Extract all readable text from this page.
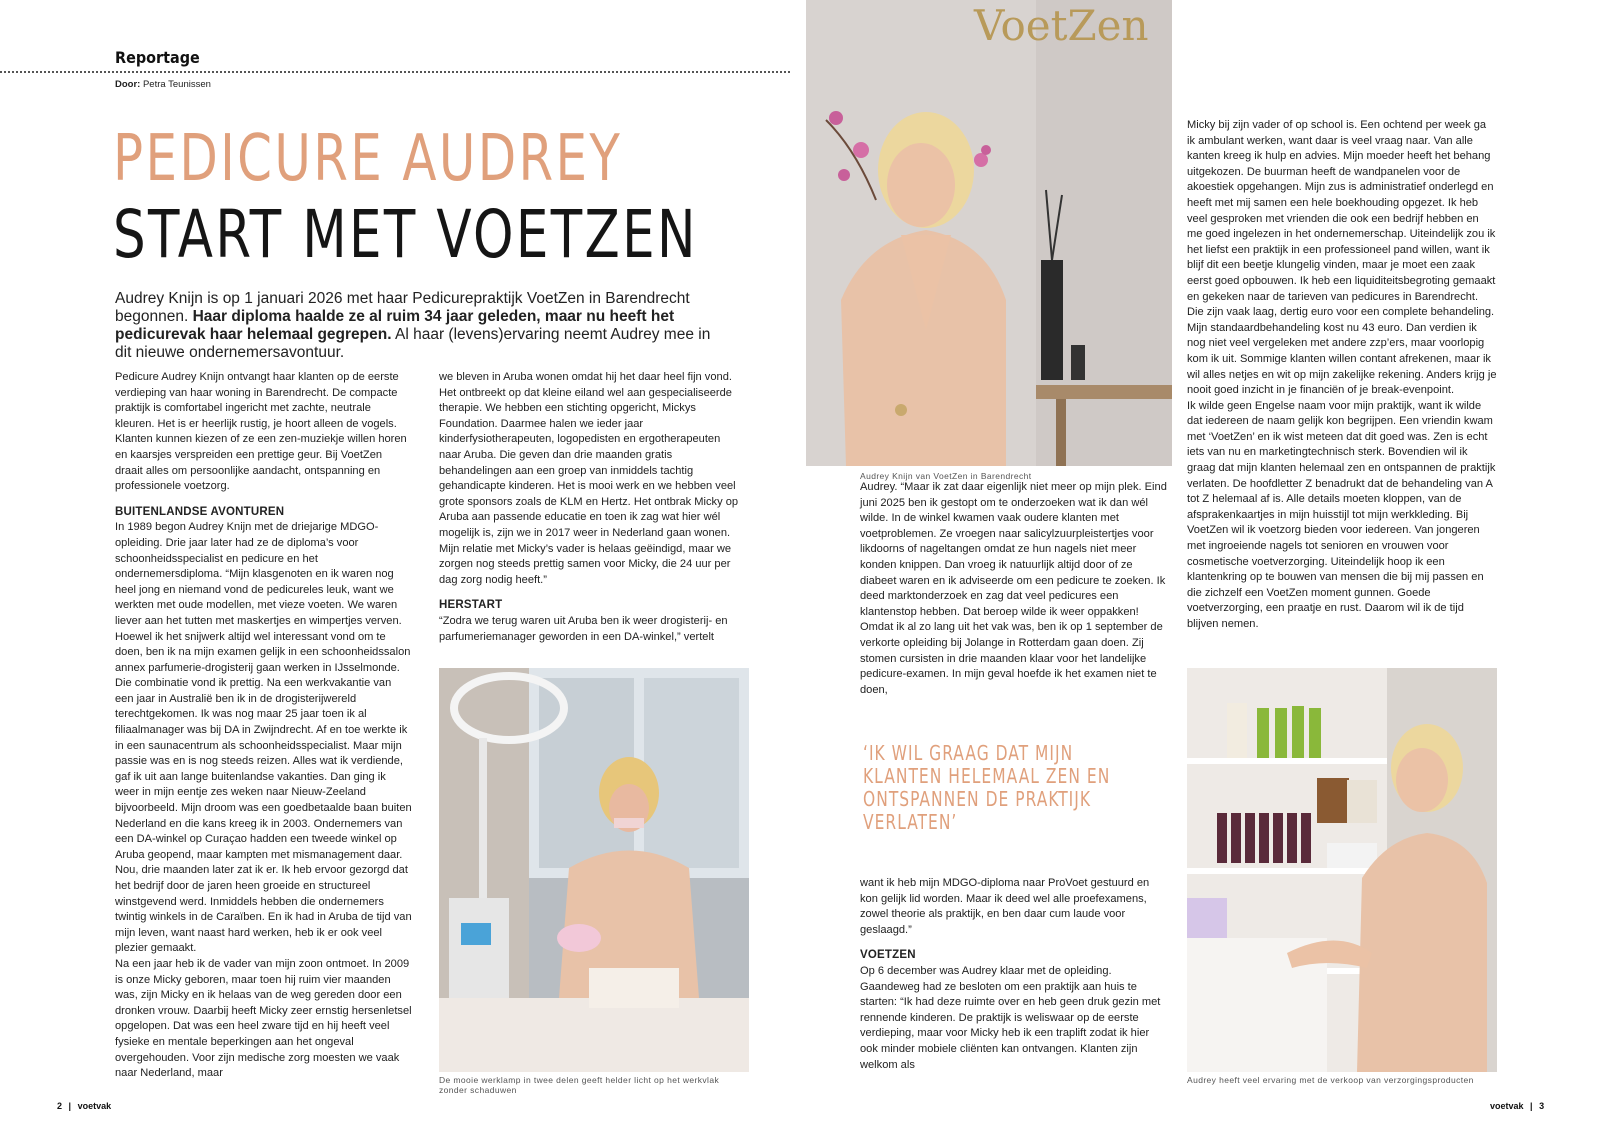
Reportage
Door: Petra Teunissen
PEDICURE AUDREY
START MET VOETZEN
Audrey Knijn is op 1 januari 2026 met haar Pedicurepraktijk VoetZen in Barendrecht begonnen. Haar diploma haalde ze al ruim 34 jaar geleden, maar nu heeft het pedicurevak haar helemaal gegrepen. Al haar (levens)ervaring neemt Audrey mee in dit nieuwe ondernemersavontuur.

Pedicure Audrey Knijn ontvangt haar klanten op de eerste verdieping van haar woning in Barendrecht. De compacte praktijk is comfortabel ingericht met zachte, neutrale kleuren. Het is er heerlijk rustig, je hoort alleen de vogels. Klanten kunnen kiezen of ze een zen-muziekje willen horen en kaarsjes verspreiden een prettige geur. Bij VoetZen draait alles om persoonlijke aandacht, ontspanning en professionele voetzorg.

BUITENLANDSE AVONTUREN

In 1989 begon Audrey Knijn met de driejarige MDGO-opleiding. Drie jaar later had ze de diploma’s voor schoonheidsspecialist en pedicure en het ondernemersdiploma. “Mijn klasgenoten en ik waren nog heel jong en niemand vond de pedicureles leuk, want we werkten met oude modellen, met vieze voeten. We waren liever aan het tutten met maskertjes en wimpertjes verven. Hoewel ik het snijwerk altijd wel interessant vond om te doen, ben ik na mijn examen gelijk in een schoonheidssalon annex parfumerie-drogisterij gaan werken in IJsselmonde. Die combinatie vond ik prettig. Na een werkvakantie van een jaar in Australië ben ik in de drogisterijwereld terechtgekomen. Ik was nog maar 25 jaar toen ik al filiaalmanager was bij DA in Zwijndrecht. Af en toe werkte ik in een saunacentrum als schoonheidsspecialist. Maar mijn passie was en is nog steeds reizen. Alles wat ik verdiende, gaf ik uit aan lange buitenlandse vakanties. Dan ging ik weer in mijn eentje zes weken naar Nieuw-Zeeland bijvoorbeeld. Mijn droom was een goedbetaalde baan buiten Nederland en die kans kreeg ik in 2003. Ondernemers van een DA-winkel op Curaçao hadden een tweede winkel op Aruba geopend, maar kampten met mismanagement daar. Nou, drie maanden later zat ik er. Ik heb ervoor gezorgd dat het bedrijf door de jaren heen groeide en structureel winstgevend werd. Inmiddels hebben die ondernemers twintig winkels in de Caraïben. En ik had in Aruba de tijd van mijn leven, want naast hard werken, heb ik er ook veel plezier gemaakt.

Na een jaar heb ik de vader van mijn zoon ontmoet. In 2009 is onze Micky geboren, maar toen hij ruim vier maanden was, zijn Micky en ik helaas van de weg gereden door een dronken vrouw. Daarbij heeft Micky zeer ernstig hersenletsel opgelopen. Dat was een heel zware tijd en hij heeft veel fysieke en mentale beperkingen aan het ongeval overgehouden. Voor zijn medische zorg moesten we vaak naar Nederland, maar

we bleven in Aruba wonen omdat hij het daar heel fijn vond. Het ontbreekt op dat kleine eiland wel aan gespecialiseerde therapie. We hebben een stichting opgericht, Mickys Foundation. Daarmee halen we ieder jaar kinderfysiotherapeuten, logopedisten en ergotherapeuten naar Aruba. Die geven dan drie maanden gratis behandelingen aan een groep van inmiddels tachtig gehandicapte kinderen. Het is mooi werk en we hebben veel grote sponsors zoals de KLM en Hertz. Het ontbrak Micky op Aruba aan passende educatie en toen ik zag wat hier wél mogelijk is, zijn we in 2017 weer in Nederland gaan wonen. Mijn relatie met Micky’s vader is helaas geëindigd, maar we zorgen nog steeds prettig samen voor Micky, die 24 uur per dag zorg nodig heeft.”

HERSTART

“Zodra we terug waren uit Aruba ben ik weer drogisterij- en parfumeriemanager geworden in een DA-winkel,” vertelt

De mooie werklamp in twee delen geeft helder licht op het werkvlak zonder schaduwen
VoetZen
Audrey Knijn van VoetZen in Barendrecht

Audrey. “Maar ik zat daar eigenlijk niet meer op mijn plek. Eind juni 2025 ben ik gestopt om te onderzoeken wat ik dan wél wilde. In de winkel kwamen vaak oudere klanten met voetproblemen. Ze vroegen naar salicylzuurpleistertjes voor likdoorns of nageltangen omdat ze hun nagels niet meer konden knippen. Dan vroeg ik natuurlijk altijd door of ze diabeet waren en ik adviseerde om een pedicure te zoeken. Ik deed marktonderzoek en zag dat veel pedicures een klantenstop hebben. Dat beroep wilde ik weer oppakken! Omdat ik al zo lang uit het vak was, ben ik op 1 september de verkorte opleiding bij Jolange in Rotterdam gaan doen. Zij stomen cursisten in drie maanden klaar voor het landelijke pedicure-examen. In mijn geval hoefde ik het examen niet te doen,

‘IK WIL GRAAG DAT MIJN KLANTEN HELEMAAL ZEN EN ONTSPANNEN DE PRAKTIJK VERLATEN’

want ik heb mijn MDGO-diploma naar ProVoet gestuurd en kon gelijk lid worden. Maar ik deed wel alle proefexamens, zowel theorie als praktijk, en ben daar cum laude voor geslaagd.”

VOETZEN

Op 6 december was Audrey klaar met de opleiding. Gaandeweg had ze besloten om een praktijk aan huis te starten: “Ik had deze ruimte over en heb geen druk gezin met rennende kinderen. De praktijk is weliswaar op de eerste verdieping, maar voor Micky heb ik een traplift zodat ik hier ook minder mobiele cliënten kan ontvangen. Klanten zijn welkom als

Micky bij zijn vader of op school is. Een ochtend per week ga ik ambulant werken, want daar is veel vraag naar. Van alle kanten kreeg ik hulp en advies. Mijn moeder heeft het behang uitgekozen. De buurman heeft de wandpanelen voor de akoestiek opgehangen. Mijn zus is administratief onderlegd en heeft met mij samen een hele boekhouding opgezet. Ik heb veel gesproken met vrienden die ook een bedrijf hebben en me goed ingelezen in het ondernemerschap. Uiteindelijk zou ik het liefst een praktijk in een professioneel pand willen, want ik blijf dit een beetje klungelig vinden, maar je moet een zaak eerst goed opbouwen. Ik heb een liquiditeitsbegroting gemaakt en gekeken naar de tarieven van pedicures in Barendrecht. Die zijn vaak laag, dertig euro voor een complete behandeling. Mijn standaardbehandeling kost nu 43 euro. Dan verdien ik nog niet veel vergeleken met andere zzp’ers, maar voorlopig kom ik uit. Sommige klanten willen contant afrekenen, maar ik wil alles netjes en wit op mijn zakelijke rekening. Anders krijg je nooit goed inzicht in je financiën of je break-evenpoint.

Ik wilde geen Engelse naam voor mijn praktijk, want ik wilde dat iedereen de naam gelijk kon begrijpen. Een vriendin kwam met ‘VoetZen’ en ik wist meteen dat dit goed was. Zen is echt iets van nu en marketingtechnisch sterk. Bovendien wil ik graag dat mijn klanten helemaal zen en ontspannen de praktijk verlaten. De hoofdletter Z benadrukt dat de behandeling van A tot Z helemaal af is. Alle details moeten kloppen, van de afsprakenkaartjes in mijn huisstijl tot mijn werkkleding. Bij VoetZen wil ik voetzorg bieden voor iedereen. Van jongeren met ingroeiende nagels tot senioren en vrouwen voor cosmetische voetverzorging. Uiteindelijk hoop ik een klantenkring op te bouwen van mensen die bij mij passen en die zichzelf een VoetZen moment gunnen. Goede voetverzorging, een praatje en rust. Daarom wil ik de tijd blijven nemen.

Audrey heeft veel ervaring met de verkoop van verzorgingsproducten
2 | voetvak	voetvak | 3
